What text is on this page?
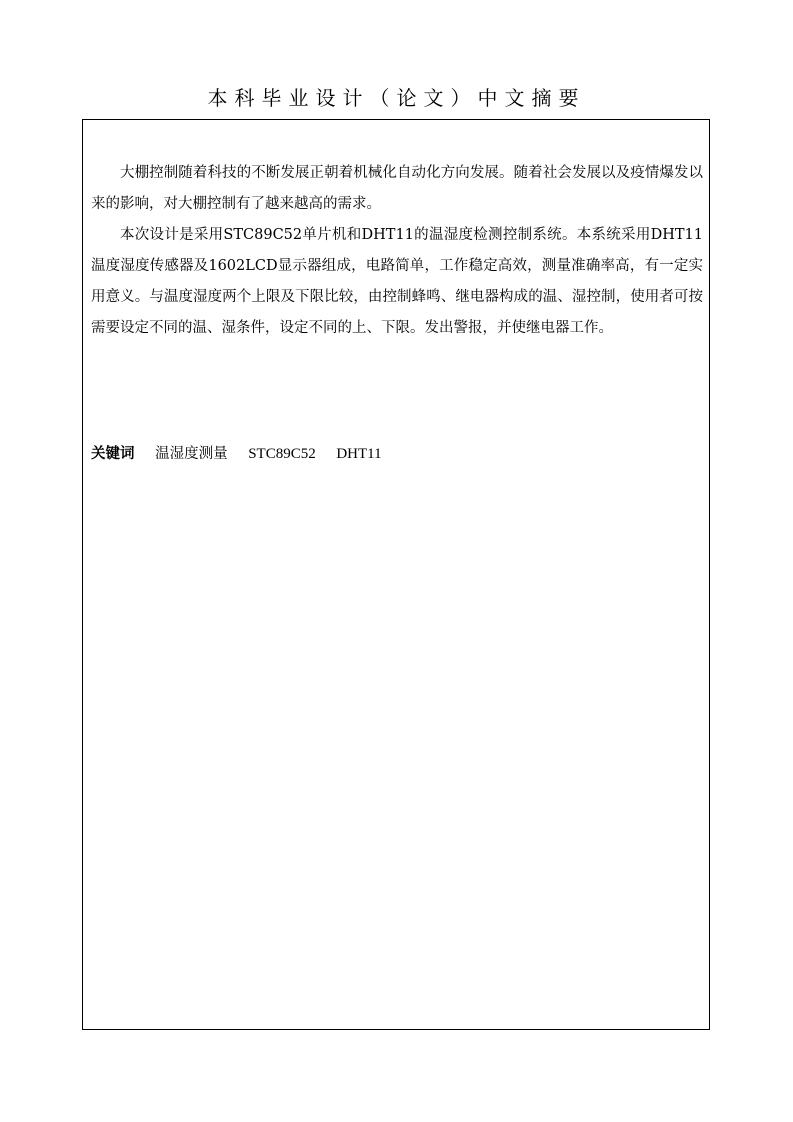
本科毕业设计（论文）中文摘要

大棚控制随着科技的不断发展正朝着机械化自动化方向发展。随着社会发展以及疫情爆发以来的影响，对大棚控制有了越来越高的需求。

本次设计是采用STC89C52单片机和DHT11的温湿度检测控制系统。本系统采用DHT11温度湿度传感器及1602LCD显示器组成，电路简单，工作稳定高效，测量准确率高，有一定实用意义。与温度湿度两个上限及下限比较，由控制蜂鸣、继电器构成的温、湿控制，使用者可按需要设定不同的温、湿条件，设定不同的上、下限。发出警报，并使继电器工作。

关键词 温湿度测量 STC89C52 DHT11
